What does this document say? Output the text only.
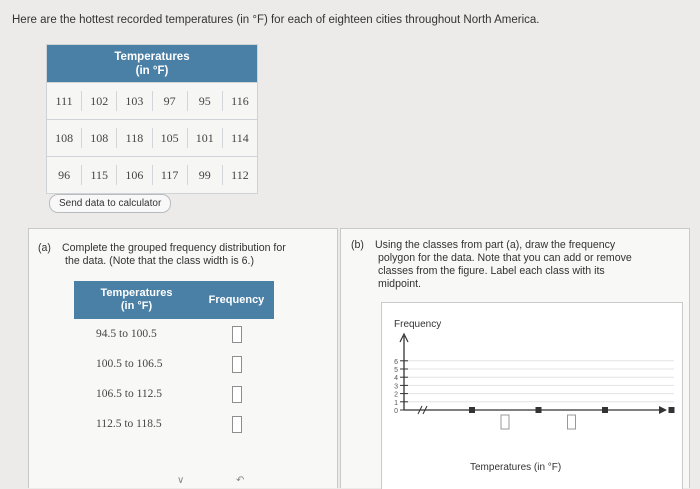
Here are the hottest recorded temperatures (in °F) for each of eighteen cities throughout North America.
Temperatures
(in °F)
111	102	103	97	95	116
108	108	118	105	101	114
96	115	106	117	99	112
Send data to calculator
(a) Complete the grouped frequency distribution for
the data. (Note that the class width is 6.)
Temperatures
(in °F)	Frequency
94.5 to 100.5
100.5 to 106.5
106.5 to 112.5
112.5 to 118.5
∨	↶
(b) Using the classes from part (a), draw the frequency
polygon for the data. Note that you can add or remove
classes from the figure. Label each class with its
midpoint.
Frequency
0
1
2
3
4
5
6
Temperatures (in °F)
